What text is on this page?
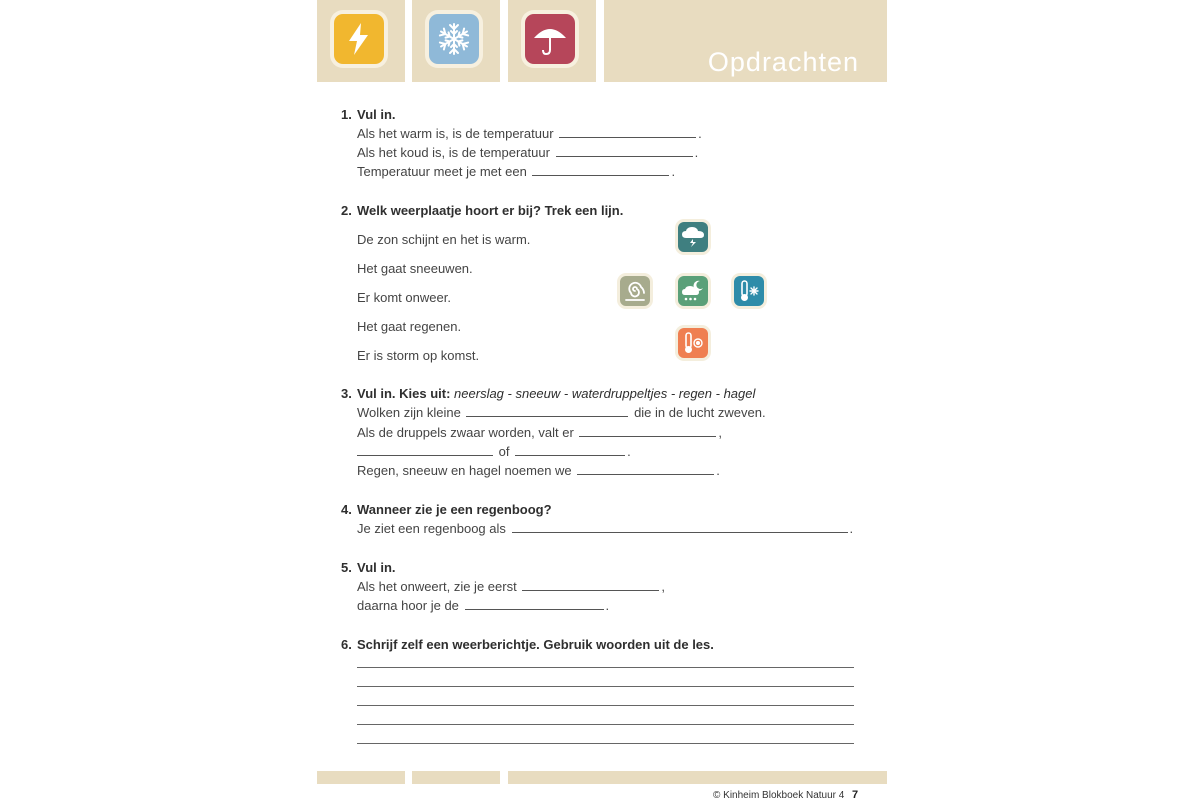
Opdrachten
1. Vul in.
Als het warm is, is de temperatuur	.
Als het koud is, is de temperatuur	.
Temperatuur meet je met een	.
2. Welk weerplaatje hoort er bij? Trek een lijn.
De zon schijnt en het is warm.
Het gaat sneeuwen.
Er komt onweer.
Het gaat regenen.
Er is storm op komst.
3. Vul in. Kies uit: neerslag - sneeuw - waterdruppeltjes - regen - hagel
Wolken zijn kleine	die in de lucht zweven.
Als de druppels zwaar worden, valt er	,
of	.
Regen, sneeuw en hagel noemen we	.
4. Wanneer zie je een regenboog?
Je ziet een regenboog als	.
5. Vul in.
Als het onweert, zie je eerst	,
daarna hoor je de	.
6. Schrijf zelf een weerberichtje. Gebruik woorden uit de les.
© Kinheim Blokboek Natuur 4 7
